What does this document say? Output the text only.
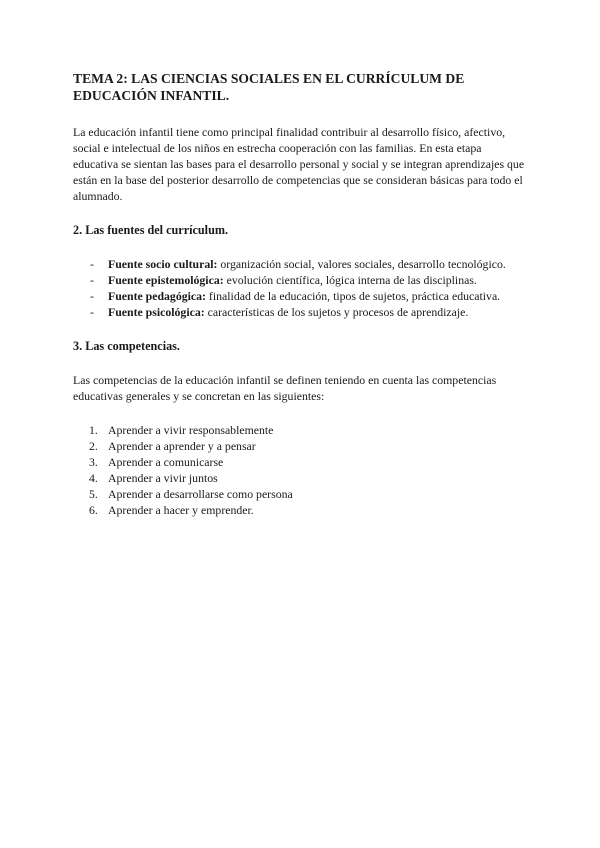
TEMA 2: LAS CIENCIAS SOCIALES EN EL CURRÍCULUM DE EDUCACIÓN INFANTIL.

La educación infantil tiene como principal finalidad contribuir al desarrollo físico, afectivo, social e intelectual de los niños en estrecha cooperación con las familias. En esta etapa educativa se sientan las bases para el desarrollo personal y social y se integran aprendizajes que están en la base del posterior desarrollo de competencias que se consideran básicas para todo el alumnado.

2. Las fuentes del currículum.

- Fuente socio cultural: organización social, valores sociales, desarrollo tecnológico.
- Fuente epistemológica: evolución científica, lógica interna de las disciplinas.
- Fuente pedagógica: finalidad de la educación, tipos de sujetos, práctica educativa.
- Fuente psicológica: características de los sujetos y procesos de aprendizaje.

3. Las competencias.

Las competencias de la educación infantil se definen teniendo en cuenta las competencias educativas generales y se concretan en las siguientes:

1. Aprender a vivir responsablemente
2. Aprender a aprender y a pensar
3. Aprender a comunicarse
4. Aprender a vivir juntos
5. Aprender a desarrollarse como persona
6. Aprender a hacer y emprender.
